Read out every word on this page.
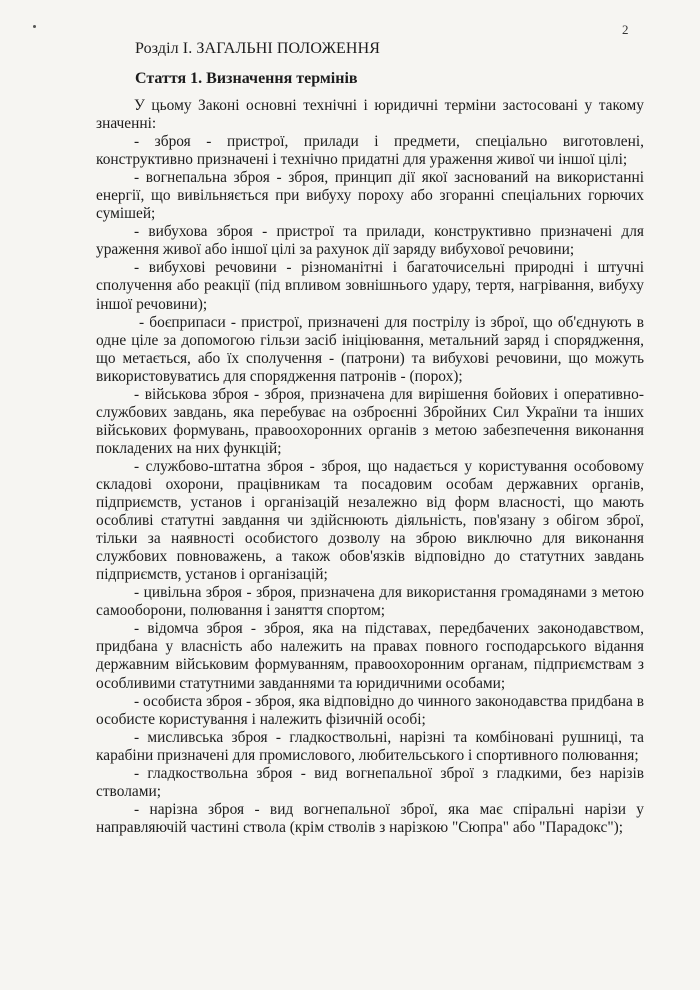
2
Розділ І. ЗАГАЛЬНІ ПОЛОЖЕННЯ
Стаття 1. Визначення термінів

У цьому Законі основні технічні і юридичні терміни застосовані у такому значенні:

- зброя - пристрої, прилади і предмети, спеціально виготовлені, конструктивно призначені і технічно придатні для ураження живої чи іншої цілі;

- вогнепальна зброя - зброя, принцип дії якої заснований на використанні енергії, що вивільняється при вибуху пороху або згоранні спеціальних горючих сумішей;

- вибухова зброя - пристрої та прилади, конструктивно призначені для ураження живої або іншої цілі за рахунок дії заряду вибухової речовини;

- вибухові речовини - різноманітні і багаточисельні природні і штучні сполучення або реакції (під впливом зовнішнього удару, тертя, нагрівання, вибуху іншої речовини);

- боєприпаси - пристрої, призначені для пострілу із зброї, що об'єднують в одне ціле за допомогою гільзи засіб ініціювання, метальний заряд і спорядження, що метається, або їх сполучення - (патрони) та вибухові речовини, що можуть використовуватись для спорядження патронів - (порох);

- військова зброя - зброя, призначена для вирішення бойових і оперативно-службових завдань, яка перебуває на озброєнні Збройних Сил України та інших військових формувань, правоохоронних органів з метою забезпечення виконання покладених на них функцій;

- службово-штатна зброя - зброя, що надається у користування особовому складові охорони, працівникам та посадовим особам державних органів, підприємств, установ і організацій незалежно від форм власності, що мають особливі статутні завдання чи здійснюють діяльність, пов'язану з обігом зброї, тільки за наявності особистого дозволу на зброю виключно для виконання службових повноважень, а також обов'язків відповідно до статутних завдань підприємств, установ і організацій;

- цивільна зброя - зброя, призначена для використання громадянами з метою самооборони, полювання і заняття спортом;

- відомча зброя - зброя, яка на підставах, передбачених законодавством, придбана у власність або належить на правах повного господарського відання державним військовим формуванням, правоохоронним органам, підприємствам з особливими статутними завданнями та юридичними особами;

- особиста зброя - зброя, яка відповідно до чинного законодавства придбана в особисте користування і належить фізичній особі;

- мисливська зброя - гладкоствольні, нарізні та комбіновані рушниці, та карабіни призначені для промислового, любительського і спортивного полювання;

- гладкоствольна зброя - вид вогнепальної зброї з гладкими, без нарізів стволами;

- нарізна зброя - вид вогнепальної зброї, яка має спіральні нарізи у направляючій частині ствола (крім стволів з нарізкою "Сюпра" або "Парадокс");
